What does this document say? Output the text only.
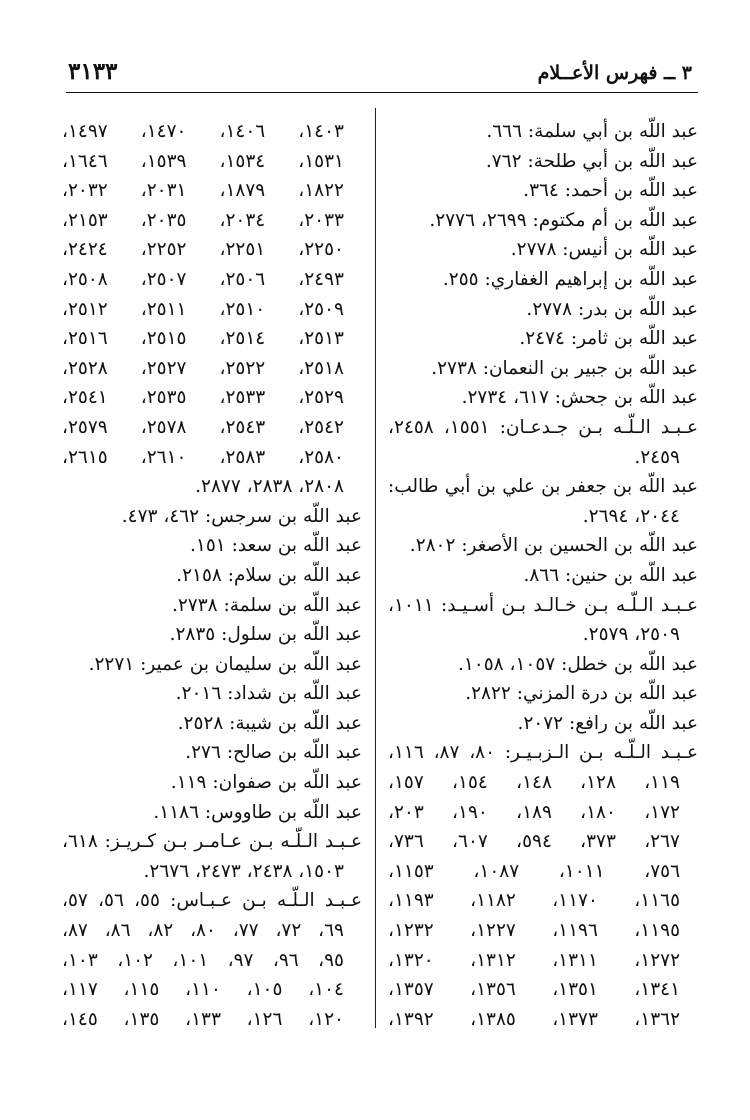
٣ ــ فهرس الأعــلام
٣١٣٣
عبد اللّه بن أبي سلمة: ٦٦٦.
عبد اللّه بن أبي طلحة: ٧٦٢.
عبد اللّه بن أحمد: ٣٦٤.
عبد اللّه بن أم مكتوم: ٢٦٩٩، ٢٧٧٦.
عبد اللّه بن أنيس: ٢٧٧٨.
عبد اللّه بن إبراهيم الغفاري: ٢٥٥.
عبد اللّه بن بدر: ٢٧٧٨.
عبد اللّه بن ثامر: ٢٤٧٤.
عبد اللّه بن جبير بن النعمان: ٢٧٣٨.
عبد اللّه بن جحش: ٦١٧، ٢٧٣٤.
عـبـد الـلّـه بـن جـدعـان: ١٥٥١، ٢٤٥٨،
٢٤٥٩.
عبد اللّه بن جعفر بن علي بن أبي طالب:
٢٠٤٤، ٢٦٩٤.
عبد اللّه بن الحسين بن الأصغر: ٢٨٠٢.
عبد اللّه بن حنين: ٨٦٦.
عـبـد الـلّـه بـن خـالـد بـن أسـيـد: ١٠١١،
٢٥٠٩، ٢٥٧٩.
عبد اللّه بن خطل: ١٠٥٧، ١٠٥٨.
عبد اللّه بن درة المزني: ٢٨٢٢.
عبد اللّه بن رافع: ٢٠٧٢.
عـبـد الـلّـه بـن الـزبـيـر: ٨٠، ٨٧، ١١٦،
١١٩، ١٢٨، ١٤٨، ١٥٤، ١٥٧،
١٧٢، ١٨٠، ١٨٩، ١٩٠، ٢٠٣،
٢٦٧، ٣٧٣، ٥٩٤، ٦٠٧، ٧٣٦،
٧٥٦، ١٠١١، ١٠٨٧، ١١٥٣،
١١٦٥، ١١٧٠، ١١٨٢، ١١٩٣،
١١٩٥، ١١٩٦، ١٢٢٧، ١٢٣٢،
١٢٧٢، ١٣١١، ١٣١٢، ١٣٢٠،
١٣٤١، ١٣٥١، ١٣٥٦، ١٣٥٧،
١٣٦٢، ١٣٧٣، ١٣٨٥، ١٣٩٢،
١٤٠٣، ١٤٠٦، ١٤٧٠، ١٤٩٧،
١٥٣١، ١٥٣٤، ١٥٣٩، ١٦٤٦،
١٨٢٢، ١٨٧٩، ٢٠٣١، ٢٠٣٢،
٢٠٣٣، ٢٠٣٤، ٢٠٣٥، ٢١٥٣،
٢٢٥٠، ٢٢٥١، ٢٢٥٢، ٢٤٢٤،
٢٤٩٣، ٢٥٠٦، ٢٥٠٧، ٢٥٠٨،
٢٥٠٩، ٢٥١٠، ٢٥١١، ٢٥١٢،
٢٥١٣، ٢٥١٤، ٢٥١٥، ٢٥١٦،
٢٥١٨، ٢٥٢٢، ٢٥٢٧، ٢٥٢٨،
٢٥٢٩، ٢٥٣٣، ٢٥٣٥، ٢٥٤١،
٢٥٤٢، ٢٥٤٣، ٢٥٧٨، ٢٥٧٩،
٢٥٨٠، ٢٥٨٣، ٢٦١٠، ٢٦١٥،
٢٨٠٨، ٢٨٣٨، ٢٨٧٧.
عبد اللّه بن سرجس: ٤٦٢، ٤٧٣.
عبد اللّه بن سعد: ١٥١.
عبد اللّه بن سلام: ٢١٥٨.
عبد اللّه بن سلمة: ٢٧٣٨.
عبد اللّه بن سلول: ٢٨٣٥.
عبد اللّه بن سليمان بن عمير: ٢٢٧١.
عبد اللّه بن شداد: ٢٠١٦.
عبد اللّه بن شيبة: ٢٥٢٨.
عبد اللّه بن صالح: ٢٧٦.
عبد اللّه بن صفوان: ١١٩.
عبد اللّه بن طاووس: ١١٨٦.
عـبـد الـلّـه بـن عـامـر بـن كـريـز: ٦١٨،
١٥٠٣، ٢٤٣٨، ٢٤٧٣، ٢٦٧٦.
عـبـد الـلّـه بـن عـبـاس: ٥٥، ٥٦، ٥٧،
٦٩، ٧٢، ٧٧، ٨٠، ٨٢، ٨٦، ٨٧،
٩٥، ٩٦، ٩٧، ١٠١، ١٠٢، ١٠٣،
١٠٤، ١٠٥، ١١٠، ١١٥، ١١٧،
١٢٠، ١٢٦، ١٣٣، ١٣٥، ١٤٥،
